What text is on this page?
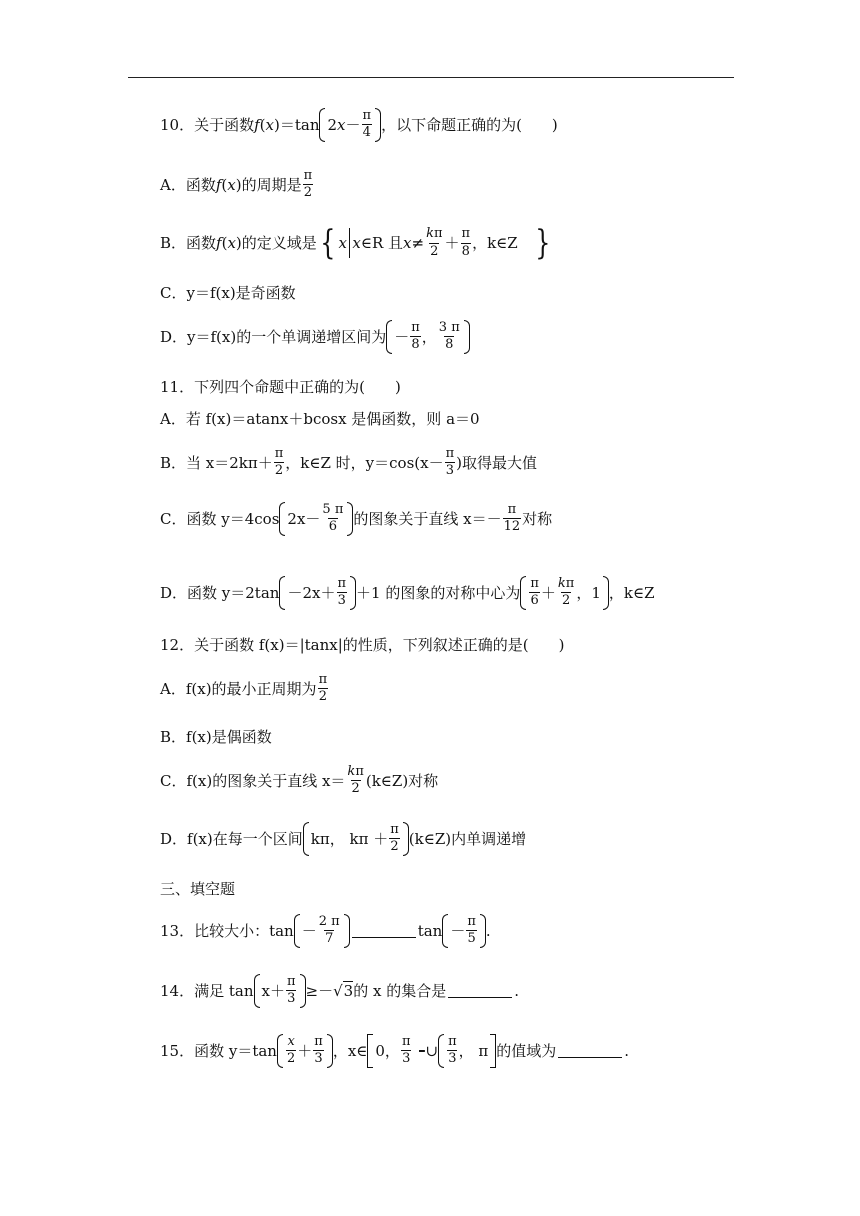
10．关于函数 f ( x ) ＝tan 2 $x - \frac{\pi}{4}$ ，以下命题正确的为(　　)
A．函数 f ( x ) 的周期是 $\frac{\pi}{2}$
B．函数 f ( x ) 的定义域是 { x x ∈R 且 $x \ne \frac{k\pi}{2} + \frac{\pi}{8}$ ，k∈Z
}
C．y＝f(x)是奇函数
D．y＝f(x)的一个单调递增区间为 － $\frac{\pi}{8}$ ， $\frac{3 \pi}{8}$
11．下列四个命题中正确的为(　　)
A．若 f(x)＝atanx＋bcosx 是偶函数，则 a＝0
B．当 $x=2k\pi+ \frac{\pi}{2}$ ，k∈Z 时，$y=\cos(x- \frac{\pi}{3}$ )取得最大值
C．函数 y＝4cos $2x- \frac{5 \pi}{6}$ 的图象关于直线 $x=- \frac{\pi}{12}$ 对称
D．函数 $y=2\tan -2x+ \frac{\pi}{3} +1$ 的图象的对称中心为 $\frac{\pi}{6} + \frac{k\pi}{2}$ ， 1 ，k∈Z
12．关于函数 f(x)＝|tanx|的性质，下列叙述正确的是(　　)
A．f(x)的最小正周期为 $\frac{\pi}{2}$
B．f(x)是偶函数
C．f(x)的图象关于直线 $x= \frac{k\pi}{2}$ (k∈Z)对称
D．f(x)在每一个区间 kπ ，
kπ
＋ $\frac{\pi}{2}$ (k∈Z)内单调递增
三、填空题
13．比较大小：$\tan - \frac{2 \pi}{7}$	$\tan - \frac{\pi}{5}$ .
14．满足 $\tan x+ \frac{\pi}{3}$ ≥－ √ 3 的 x 的集合是	.
15．函数 $y=\tan \frac{x}{2} + \frac{\pi}{3}$ ，x∈ 0， $\frac{\pi}{3}$ ∪ $\frac{\pi}{3}$ ，
π 的值域为	.
